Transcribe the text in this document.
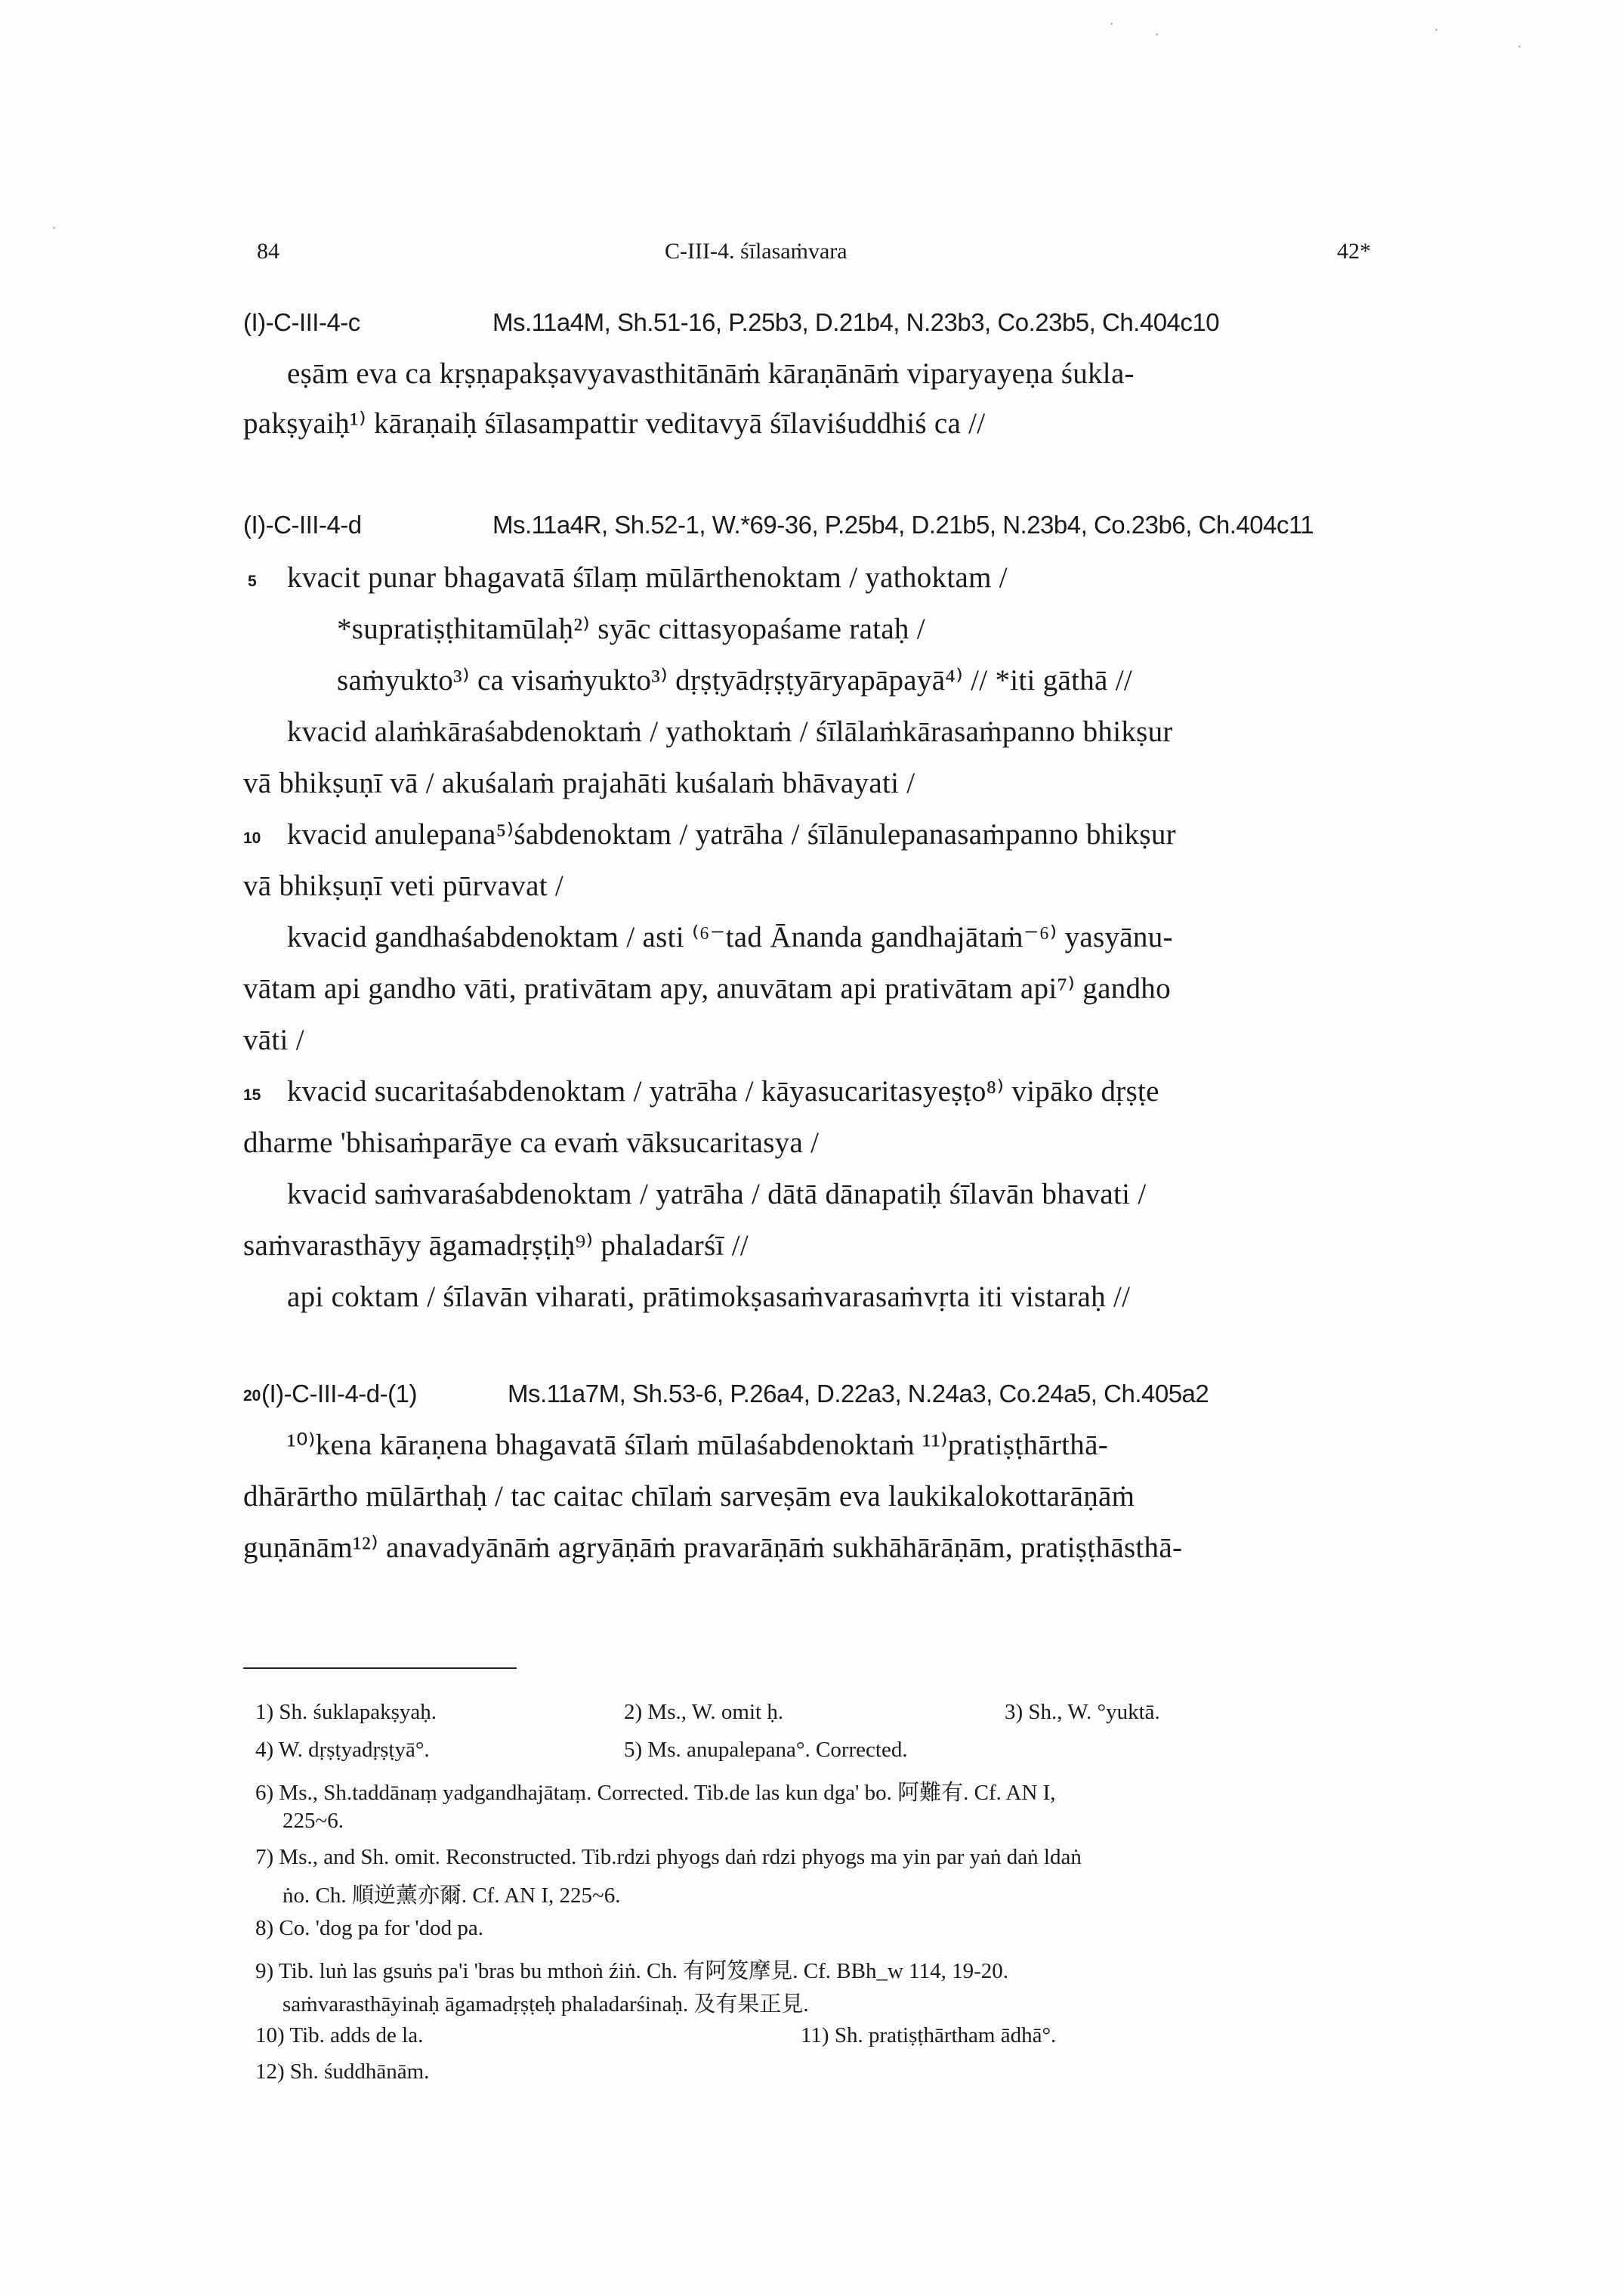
84	C-III-4. śīlasaṁvara	42*
(I)-C-III-4-c	Ms.11a4M, Sh.51-16, P.25b3, D.21b4, N.23b3, Co.23b5, Ch.404c10
eṣām eva ca kṛṣṇapakṣavyavasthitānāṁ kāraṇānāṁ viparyayeṇa śukla-
pakṣyaiḥ¹⁾ kāraṇaiḥ śīlasampattir veditavyā śīlaviśuddhiś ca //
(I)-C-III-4-d	Ms.11a4R, Sh.52-1, W.*69-36, P.25b4, D.21b5, N.23b4, Co.23b6, Ch.404c11
5 kvacit punar bhagavatā śīlaṃ mūlārthenoktam / yathoktam /
*supratiṣṭhitamūlaḥ²⁾ syāc cittasyopaśame rataḥ /
saṁyukto³⁾ ca visaṁyukto³⁾ dṛṣṭyādṛṣṭyāryapāpayā⁴⁾ // *iti gāthā //
kvacid alaṁkāraśabdenoktaṁ / yathoktaṁ / śīlālaṁkārasaṁpanno bhikṣur
vā bhikṣuṇī vā / akuśalaṁ prajahāti kuśalaṁ bhāvayati /
10 kvacid anulepana⁵⁾śabdenoktam / yatrāha / śīlānulepanasaṁpanno bhikṣur
vā bhikṣuṇī veti pūrvavat /
kvacid gandhaśabdenoktam / asti ⁽⁶⁻tad Ānanda gandhajātaṁ⁻⁶⁾ yasyānu-
vātam api gandho vāti, prativātam apy, anuvātam api prativātam api⁷⁾ gandho
vāti /
15 kvacid sucaritaśabdenoktam / yatrāha / kāyasucaritasyeṣṭo⁸⁾ vipāko dṛṣṭe
dharme 'bhisaṁparāye ca evaṁ vāksucaritasya /
kvacid saṁvaraśabdenoktam / yatrāha / dātā dānapatiḥ śīlavān bhavati /
saṁvarasthāyy āgamadṛṣṭiḥ⁹⁾ phaladarśī //
api coktam / śīlavān viharati, prātimokṣasaṁvarasaṁvṛta iti vistaraḥ //
20 (I)-C-III-4-d-(1)	Ms.11a7M, Sh.53-6, P.26a4, D.22a3, N.24a3, Co.24a5, Ch.405a2
¹⁰⁾kena kāraṇena bhagavatā śīlaṁ mūlaśabdenoktaṁ ¹¹⁾pratiṣṭhārthā-
dhārārtho mūlārthaḥ / tac caitac chīlaṁ sarveṣām eva laukikalokottarāṇāṁ
guṇānām¹²⁾ anavadyānāṁ agryāṇāṁ pravarāṇāṁ sukhāhārāṇām, pratiṣṭhāsthā-
1) Sh. śuklapakṣyaḥ.	2) Ms., W. omit ḥ.	3) Sh., W. °yuktā.
4) W. dṛṣṭyadṛṣṭyā°.	5) Ms. anupalepana°. Corrected.
6) Ms., Sh.taddānaṃ yadgandhajātaṃ. Corrected. Tib.de las kun dga' bo. 阿難有. Cf. AN I,
225~6.
7) Ms., and Sh. omit. Reconstructed. Tib.rdzi phyogs daṅ rdzi phyogs ma yin par yaṅ daṅ ldaṅ
ṅo. Ch. 順逆薰亦爾. Cf. AN I, 225~6.
8) Co. 'dog pa for 'dod pa.
9) Tib. luṅ las gsuṅs pa'i 'bras bu mthoṅ źiṅ. Ch. 有阿笈摩見. Cf. BBh_w 114, 19-20.
saṁvarasthāyinaḥ āgamadṛṣṭeḥ phaladarśinaḥ. 及有果正見.
10) Tib. adds de la.	11) Sh. pratiṣṭhārtham ādhā°.
12) Sh. śuddhānām.
